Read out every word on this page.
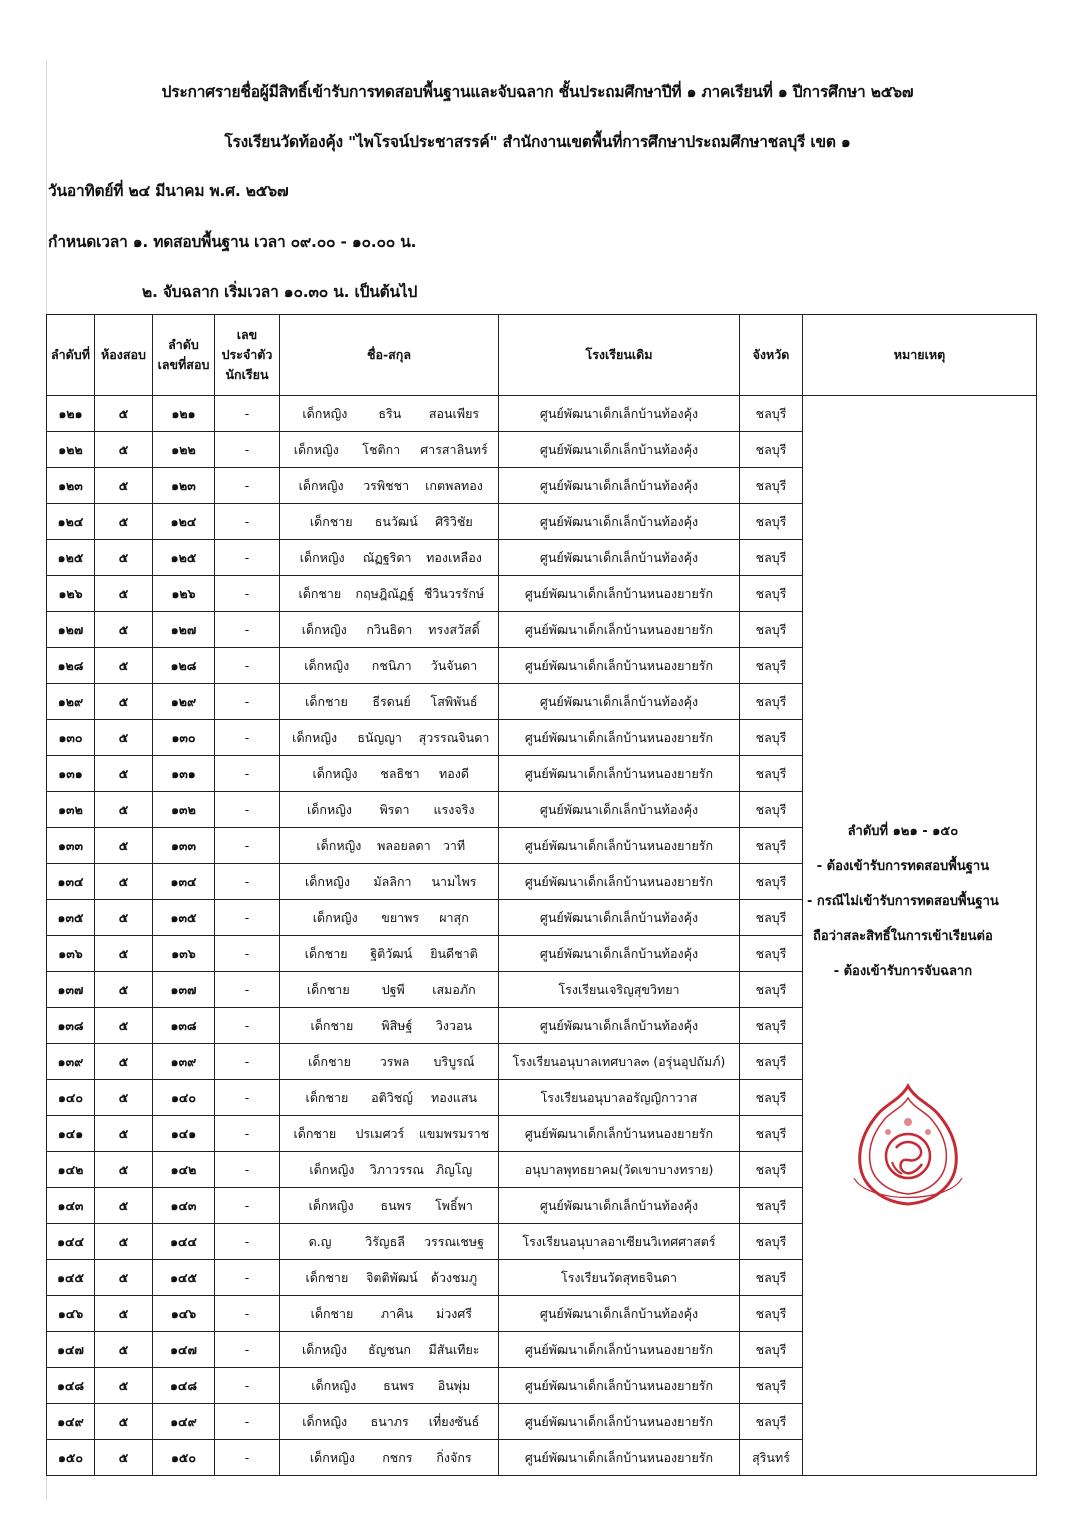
ประกาศรายชื่อผู้มีสิทธิ์เข้ารับการทดสอบพื้นฐานและจับฉลาก ชั้นประถมศึกษาปีที่ ๑ ภาคเรียนที่ ๑ ปีการศึกษา ๒๕๖๗
โรงเรียนวัดท้องคุ้ง "ไพโรจน์ประชาสรรค์" สำนักงานเขตพื้นที่การศึกษาประถมศึกษาชลบุรี เขต ๑
วันอาทิตย์ที่ ๒๔ มีนาคม พ.ศ. ๒๕๖๗
กำหนดเวลา ๑. ทดสอบพื้นฐาน เวลา ๐๙.๐๐ - ๑๐.๐๐ น.
๒. จับฉลาก เริ่มเวลา ๑๐.๓๐ น. เป็นต้นไป
ลำดับที่	ห้องสอบ	ลำดับ เลขที่สอบ	เลข ประจำตัว นักเรียน	ชื่อ-สกุล	โรงเรียนเดิม	จังหวัด	หมายเหตุ
๑๒๑	๕	๑๒๑	-	เด็กหญิง ธริน สอนเพียร	ศูนย์พัฒนาเด็กเล็กบ้านท้องคุ้ง	ชลบุรี	ลำดับที่ ๑๒๑ - ๑๕๐
- ต้องเข้ารับการทดสอบพื้นฐาน
- กรณีไม่เข้ารับการทดสอบพื้นฐาน
ถือว่าสละสิทธิ์ในการเข้าเรียนต่อ
- ต้องเข้ารับการจับฉลาก

๑๒๒	๕	๑๒๒	-	เด็กหญิง โชติกา ศารสาลินทร์	ศูนย์พัฒนาเด็กเล็กบ้านท้องคุ้ง	ชลบุรี	
๑๒๓	๕	๑๒๓	-	เด็กหญิง วรพิชชา เกตพลทอง	ศูนย์พัฒนาเด็กเล็กบ้านท้องคุ้ง	ชลบุรี	
๑๒๔	๕	๑๒๔	-	เด็กชาย ธนวัฒน์ ศิริวิชัย	ศูนย์พัฒนาเด็กเล็กบ้านท้องคุ้ง	ชลบุรี	
๑๒๕	๕	๑๒๕	-	เด็กหญิง ณัฏฐริดา ทองเหลือง	ศูนย์พัฒนาเด็กเล็กบ้านท้องคุ้ง	ชลบุรี	
๑๒๖	๕	๑๒๖	-	เด็กชาย กฤษฎิณัฏฐ์ ชีวินวรรักษ์	ศูนย์พัฒนาเด็กเล็กบ้านหนองยายรัก	ชลบุรี	
๑๒๗	๕	๑๒๗	-	เด็กหญิง กวินธิดา ทรงสวัสดิ์	ศูนย์พัฒนาเด็กเล็กบ้านหนองยายรัก	ชลบุรี	
๑๒๘	๕	๑๒๘	-	เด็กหญิง กชนิภา วันจันดา	ศูนย์พัฒนาเด็กเล็กบ้านหนองยายรัก	ชลบุรี	
๑๒๙	๕	๑๒๙	-	เด็กชาย ธีรดนย์ โสพิพันธ์	ศูนย์พัฒนาเด็กเล็กบ้านท้องคุ้ง	ชลบุรี	
๑๓๐	๕	๑๓๐	-	เด็กหญิง ธนัญญา สุวรรณจินดา	ศูนย์พัฒนาเด็กเล็กบ้านหนองยายรัก	ชลบุรี	
๑๓๑	๕	๑๓๑	-	เด็กหญิง ชลธิชา ทองดี	ศูนย์พัฒนาเด็กเล็กบ้านหนองยายรัก	ชลบุรี	
๑๓๒	๕	๑๓๒	-	เด็กหญิง พิรดา แรงจริง	ศูนย์พัฒนาเด็กเล็กบ้านท้องคุ้ง	ชลบุรี	
๑๓๓	๕	๑๓๓	-	เด็กหญิง พลอยลดา วาที	ศูนย์พัฒนาเด็กเล็กบ้านหนองยายรัก	ชลบุรี	
๑๓๔	๕	๑๓๔	-	เด็กหญิง มัลลิกา นามไพร	ศูนย์พัฒนาเด็กเล็กบ้านหนองยายรัก	ชลบุรี	
๑๓๕	๕	๑๓๕	-	เด็กหญิง ขยาพร ผาสุก	ศูนย์พัฒนาเด็กเล็กบ้านท้องคุ้ง	ชลบุรี	
๑๓๖	๕	๑๓๖	-	เด็กชาย ฐิติวัฒน์ ยินดีชาติ	ศูนย์พัฒนาเด็กเล็กบ้านท้องคุ้ง	ชลบุรี	
๑๓๗	๕	๑๓๗	-	เด็กชาย ปฐพี เสมอภัก	โรงเรียนเจริญสุขวิทยา	ชลบุรี	
๑๓๘	๕	๑๓๘	-	เด็กชาย พิสิษฐ์ วิงวอน	ศูนย์พัฒนาเด็กเล็กบ้านท้องคุ้ง	ชลบุรี	
๑๓๙	๕	๑๓๙	-	เด็กชาย วรพล บริบูรณ์	โรงเรียนอนุบาลเทศบาล๓ (อรุ่นอุปถัมภ์)	ชลบุรี	
๑๔๐	๕	๑๔๐	-	เด็กชาย อติวิชญ์ ทองแสน	โรงเรียนอนุบาลอรัญญิกาวาส	ชลบุรี	
๑๔๑	๕	๑๔๑	-	เด็กชาย ปรเมศวร์ แขมพรมราช	ศูนย์พัฒนาเด็กเล็กบ้านหนองยายรัก	ชลบุรี	
๑๔๒	๕	๑๔๒	-	เด็กหญิง วิภาวรรณ ภิญโญ	อนุบาลพุทธยาคม(วัดเขาบางทราย)	ชลบุรี	
๑๔๓	๕	๑๔๓	-	เด็กหญิง ธนพร โพธิ์พา	ศูนย์พัฒนาเด็กเล็กบ้านท้องคุ้ง	ชลบุรี	
๑๔๔	๕	๑๔๔	-	ด.ญ วิรัญธลี วรรณเชษฐ	โรงเรียนอนุบาลอาเซียนวิเทศศาสตร์	ชลบุรี	
๑๔๕	๕	๑๔๕	-	เด็กชาย จิตติพัฒน์ ด้วงชมภู	โรงเรียนวัดสุทธจินดา	ชลบุรี	
๑๔๖	๕	๑๔๖	-	เด็กชาย ภาคิน ม่วงศรี	ศูนย์พัฒนาเด็กเล็กบ้านท้องคุ้ง	ชลบุรี	
๑๔๗	๕	๑๔๗	-	เด็กหญิง ธัญชนก มีสันเทียะ	ศูนย์พัฒนาเด็กเล็กบ้านหนองยายรัก	ชลบุรี	
๑๔๘	๕	๑๔๘	-	เด็กหญิง ธนพร อินพุ่ม	ศูนย์พัฒนาเด็กเล็กบ้านหนองยายรัก	ชลบุรี	
๑๔๙	๕	๑๔๙	-	เด็กหญิง ธนาภร เที่ยงซันธ์	ศูนย์พัฒนาเด็กเล็กบ้านหนองยายรัก	ชลบุรี	
๑๕๐	๕	๑๕๐	-	เด็กหญิง กชกร กิ่งจักร	ศูนย์พัฒนาเด็กเล็กบ้านหนองยายรัก	สุรินทร์	
